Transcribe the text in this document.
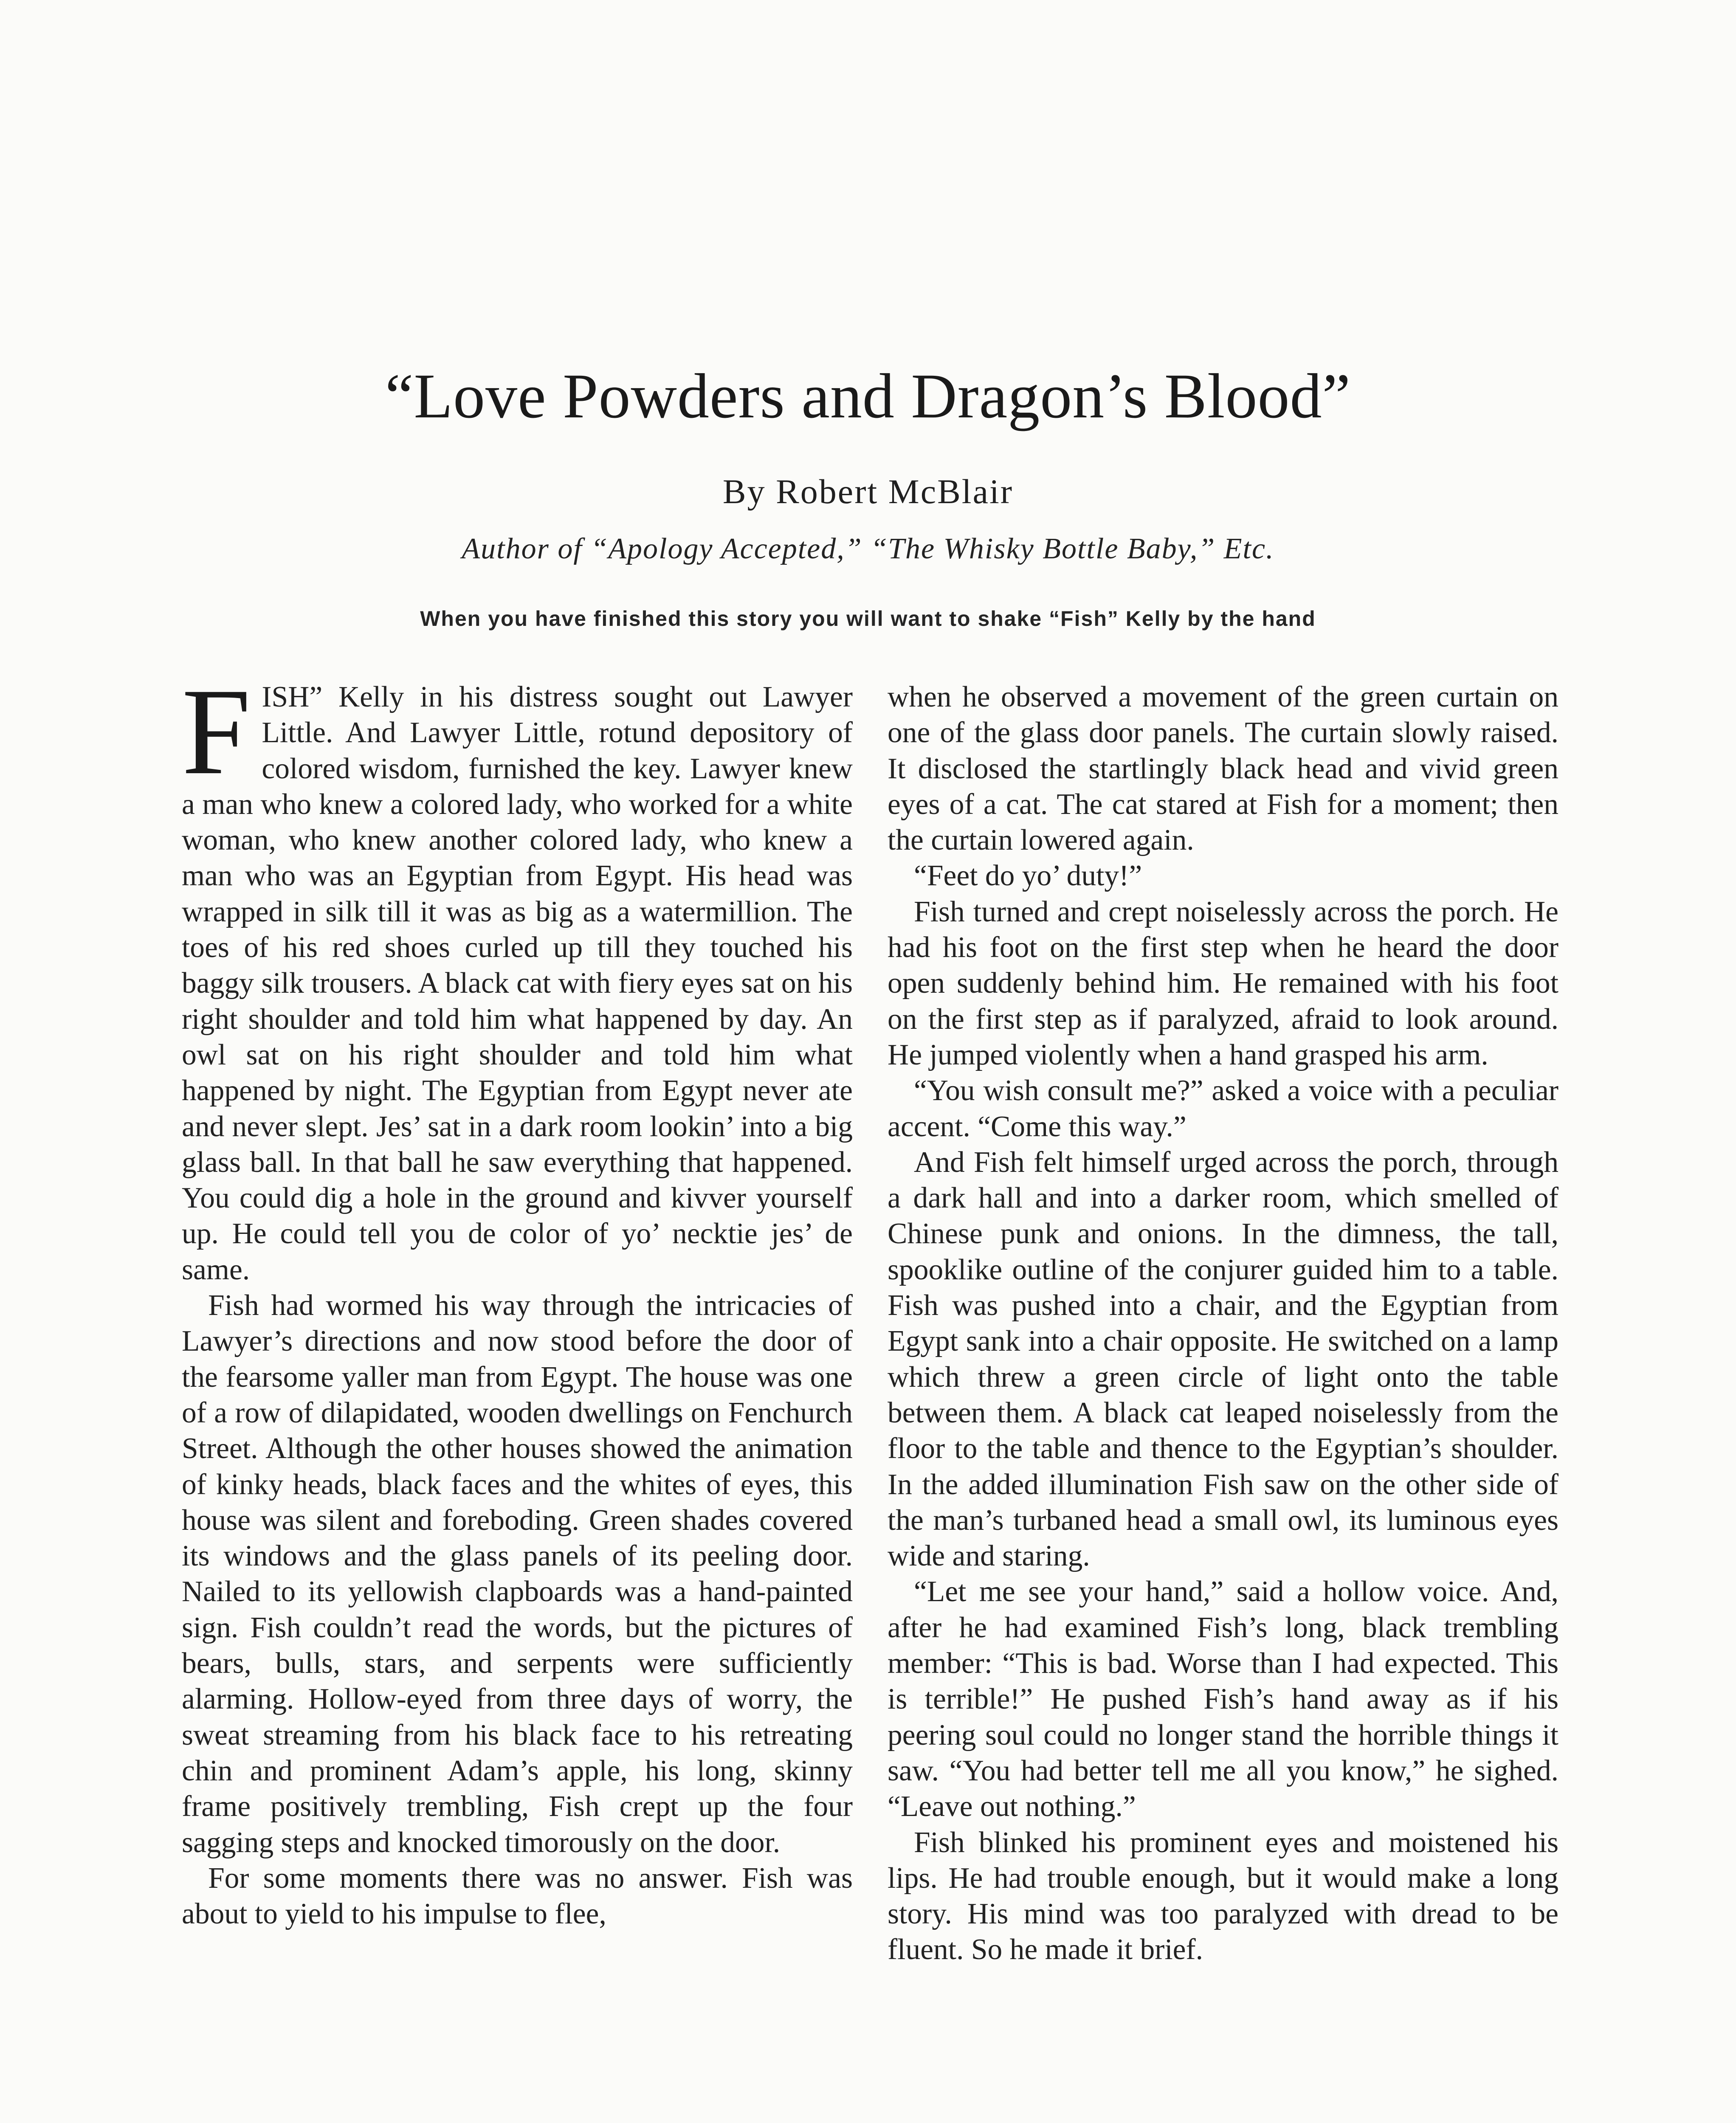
“Love Powders and Dragon’s Blood”
By Robert McBlair
Author of “Apology Accepted,” “The Whisky Bottle Baby,” Etc.
When you have finished this story you will want to shake “Fish” Kelly by the hand

FISH” Kelly in his distress sought out Lawyer Little. And Lawyer Little, rotund depository of colored wisdom, furnished the key. Lawyer knew a man who knew a colored lady, who worked for a white woman, who knew another colored lady, who knew a man who was an Egyptian from Egypt. His head was wrapped in silk till it was as big as a watermillion. The toes of his red shoes curled up till they touched his baggy silk trousers. A black cat with fiery eyes sat on his right shoulder and told him what happened by day. An owl sat on his right shoulder and told him what happened by night. The Egyptian from Egypt never ate and never slept. Jes’ sat in a dark room lookin’ into a big glass ball. In that ball he saw everything that happened. You could dig a hole in the ground and kivver yourself up. He could tell you de color of yo’ necktie jes’ de same.

Fish had wormed his way through the intricacies of Lawyer’s directions and now stood before the door of the fearsome yaller man from Egypt. The house was one of a row of dilapidated, wooden dwellings on Fenchurch Street. Although the other houses showed the animation of kinky heads, black faces and the whites of eyes, this house was silent and foreboding. Green shades covered its windows and the glass panels of its peeling door. Nailed to its yellowish clapboards was a hand-painted sign. Fish couldn’t read the words, but the pictures of bears, bulls, stars, and serpents were sufficiently alarming. Hollow-eyed from three days of worry, the sweat streaming from his black face to his retreating chin and prominent Adam’s apple, his long, skinny frame positively trembling, Fish crept up the four sagging steps and knocked timorously on the door.

For some moments there was no answer. Fish was about to yield to his impulse to flee,

when he observed a movement of the green curtain on one of the glass door panels. The curtain slowly raised. It disclosed the startlingly black head and vivid green eyes of a cat. The cat stared at Fish for a moment; then the curtain lowered again.

“Feet do yo’ duty!”

Fish turned and crept noiselessly across the porch. He had his foot on the first step when he heard the door open suddenly behind him. He remained with his foot on the first step as if paralyzed, afraid to look around. He jumped violently when a hand grasped his arm.

“You wish consult me?” asked a voice with a peculiar accent. “Come this way.”

And Fish felt himself urged across the porch, through a dark hall and into a darker room, which smelled of Chinese punk and onions. In the dimness, the tall, spooklike outline of the conjurer guided him to a table. Fish was pushed into a chair, and the Egyptian from Egypt sank into a chair opposite. He switched on a lamp which threw a green circle of light onto the table between them. A black cat leaped noiselessly from the floor to the table and thence to the Egyptian’s shoulder. In the added illumination Fish saw on the other side of the man’s turbaned head a small owl, its luminous eyes wide and staring.

“Let me see your hand,” said a hollow voice. And, after he had examined Fish’s long, black trembling member: “This is bad. Worse than I had expected. This is terrible!” He pushed Fish’s hand away as if his peering soul could no longer stand the horrible things it saw. “You had better tell me all you know,” he sighed. “Leave out nothing.”

Fish blinked his prominent eyes and moistened his lips. He had trouble enough, but it would make a long story. His mind was too paralyzed with dread to be fluent. So he made it brief.
